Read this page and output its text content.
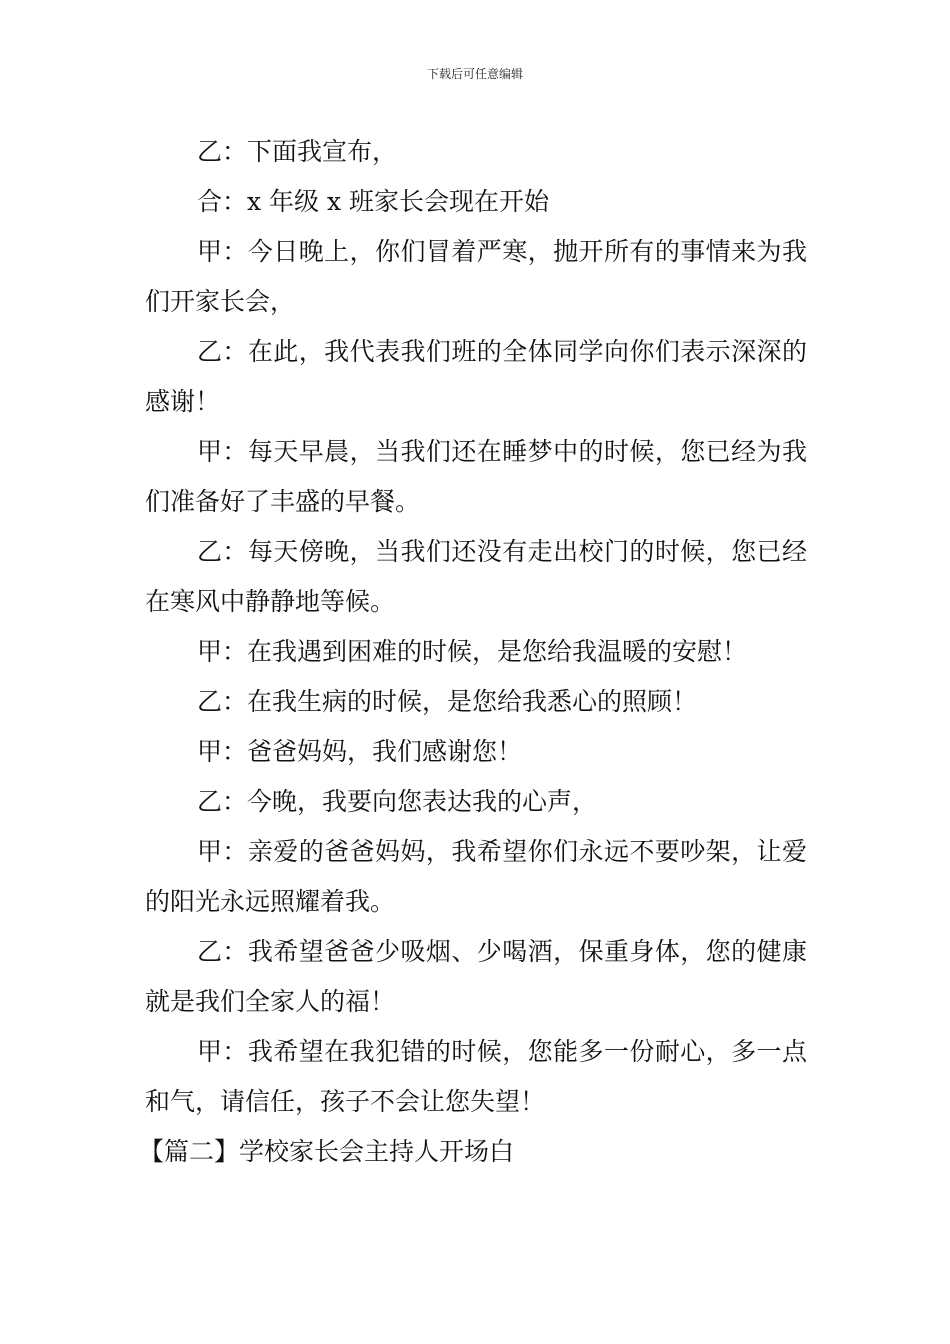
下载后可任意编辑

乙：下面我宣布，

合：x 年级 x 班家长会现在开始

甲：今日晚上，你们冒着严寒，抛开所有的事情来为我们开家长会，

乙：在此，我代表我们班的全体同学向你们表示深深的感谢！

甲：每天早晨，当我们还在睡梦中的时候，您已经为我们准备好了丰盛的早餐。

乙：每天傍晚，当我们还没有走出校门的时候，您已经在寒风中静静地等候。

甲：在我遇到困难的时候，是您给我温暖的安慰！

乙：在我生病的时候，是您给我悉心的照顾！

甲：爸爸妈妈，我们感谢您！

乙：今晚，我要向您表达我的心声，

甲：亲爱的爸爸妈妈，我希望你们永远不要吵架，让爱的阳光永远照耀着我。

乙：我希望爸爸少吸烟、少喝酒，保重身体，您的健康就是我们全家人的福！

甲：我希望在我犯错的时候，您能多一份耐心，多一点和气，请信任，孩子不会让您失望！

【篇二】学校家长会主持人开场白
